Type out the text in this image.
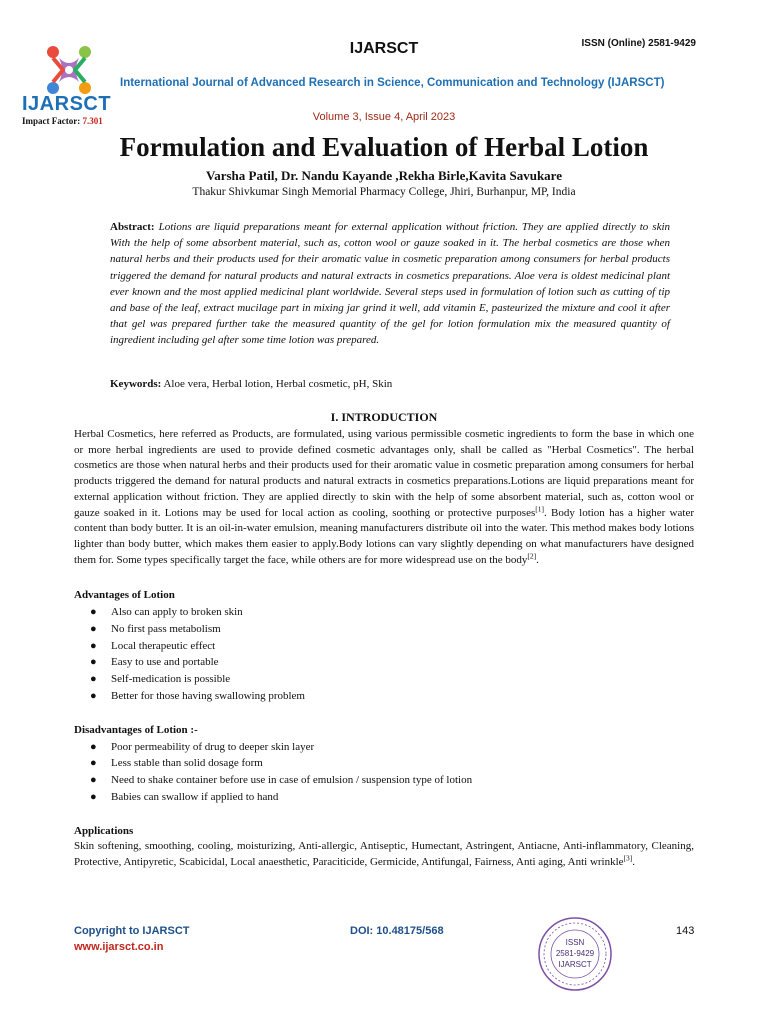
IJARSCT
Impact Factor: 7.301
IJARSCT	ISSN (Online) 2581-9429
International Journal of Advanced Research in Science, Communication and Technology (IJARSCT)
Volume 3, Issue 4, April 2023
Formulation and Evaluation of Herbal Lotion
Varsha Patil, Dr. Nandu Kayande ,Rekha Birle,Kavita Savukare
Thakur Shivkumar Singh Memorial Pharmacy College, Jhiri, Burhanpur, MP, India
Abstract: Lotions are liquid preparations meant for external application without friction. They are applied directly to skin With the help of some absorbent material, such as, cotton wool or gauze soaked in it. The herbal cosmetics are those when natural herbs and their products used for their aromatic value in cosmetic preparation among consumers for herbal products triggered the demand for natural products and natural extracts in cosmetics preparations. Aloe vera is oldest medicinal plant ever known and the most applied medicinal plant worldwide. Several steps used in formulation of lotion such as cutting of tip and base of the leaf, extract mucilage part in mixing jar grind it well, add vitamin E, pasteurized the mixture and cool it after that gel was prepared further take the measured quantity of the gel for lotion formulation mix the measured quantity of ingredient including gel after some time lotion was prepared.
Keywords: Aloe vera, Herbal lotion, Herbal cosmetic, pH, Skin
I. INTRODUCTION
Herbal Cosmetics, here referred as Products, are formulated, using various permissible cosmetic ingredients to form the base in which one or more herbal ingredients are used to provide defined cosmetic advantages only, shall be called as "Herbal Cosmetics". The herbal cosmetics are those when natural herbs and their products used for their aromatic value in cosmetic preparation among consumers for herbal products triggered the demand for natural products and natural extracts in cosmetics preparations.Lotions are liquid preparations meant for external application without friction. They are applied directly to skin with the help of some absorbent material, such as, cotton wool or gauze soaked in it. Lotions may be used for local action as cooling, soothing or protective purposes[1]. Body lotion has a higher water content than body butter. It is an oil-in-water emulsion, meaning manufacturers distribute oil into the water. This method makes body lotions lighter than body butter, which makes them easier to apply.Body lotions can vary slightly depending on what manufacturers have designed them for. Some types specifically target the face, while others are for more widespread use on the body[2].
Advantages of Lotion
● Also can apply to broken skin
● No first pass metabolism
● Local therapeutic effect
● Easy to use and portable
● Self-medication is possible
● Better for those having swallowing problem
Disadvantages of Lotion :-
● Poor permeability of drug to deeper skin layer
● Less stable than solid dosage form
● Need to shake container before use in case of emulsion / suspension type of lotion
● Babies can swallow if applied to hand
Applications
Skin softening, smoothing, cooling, moisturizing, Anti-allergic, Antiseptic, Humectant, Astringent, Antiacne, Anti-inflammatory, Cleaning, Protective, Antipyretic, Scabicidal, Local anaesthetic, Paraciticide, Germicide, Antifungal, Fairness, Anti aging, Anti wrinkle[3].
Copyright to IJARSCT
www.ijarsct.co.in
DOI: 10.48175/568	143
ISSN
2581-9429
IJARSCT
